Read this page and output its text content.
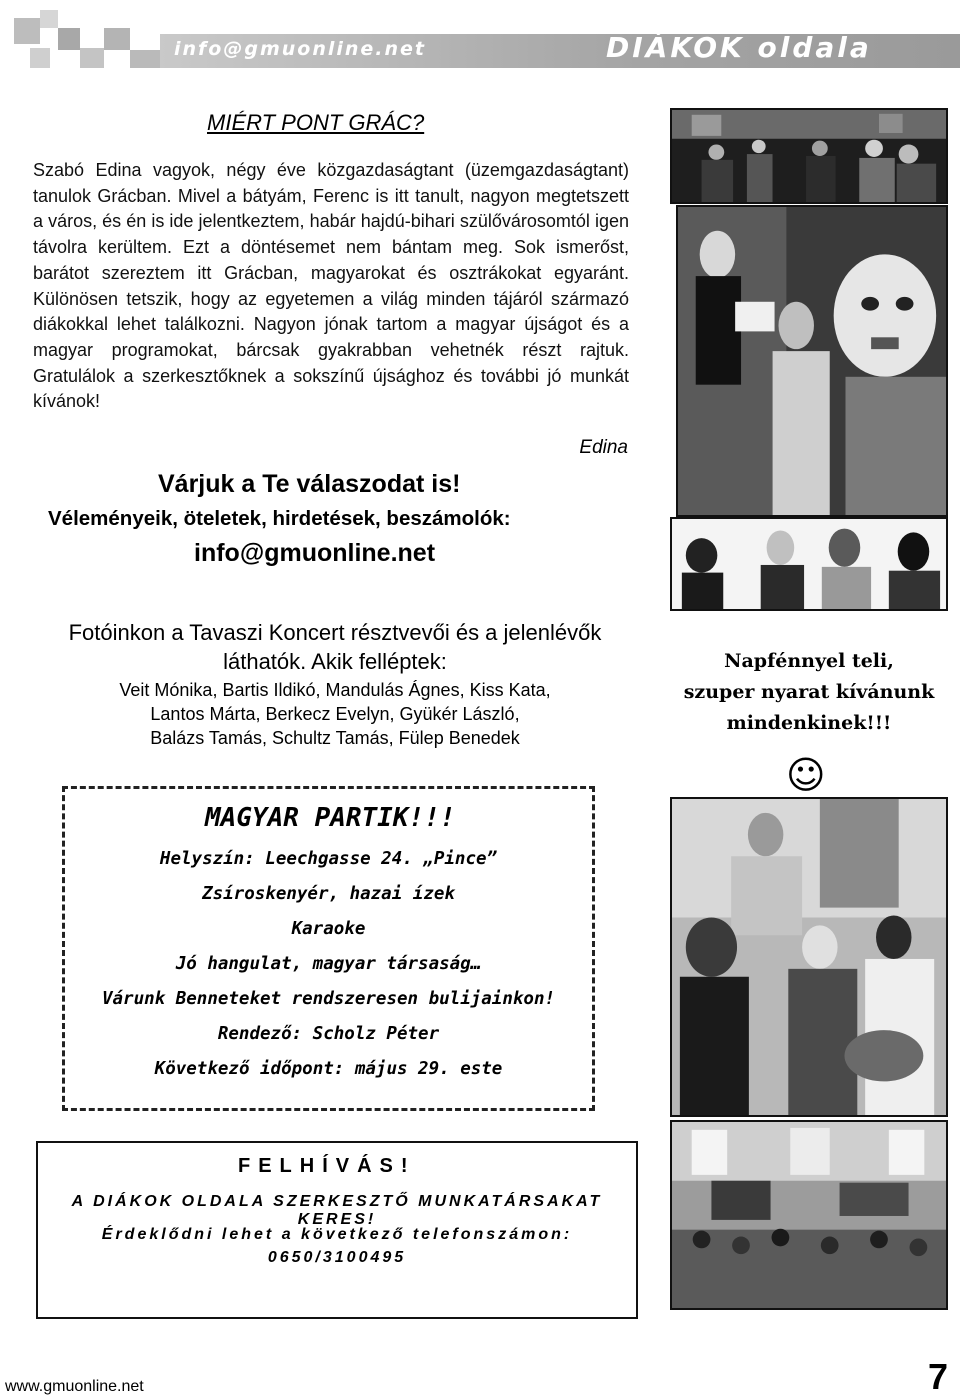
info@gmuonline.net	DIÁKOK oldala
MIÉRT PONT GRÁC?
Szabó Edina vagyok, négy éve közgazdaságtant (üzemgazdaságtant) tanulok Grácban. Mivel a bátyám, Ferenc is itt tanult, nagyon megtetszett a város, és én is ide jelentkeztem, habár hajdú-bihari szülővárosomtól igen távolra kerültem. Ezt a döntésemet nem bántam meg. Sok ismerőst, barátot szereztem itt Grácban, magyarokat és osztrákokat egyaránt. Különösen tetszik, hogy az egyetemen a világ minden tájáról származó diákokkal lehet találkozni. Nagyon jónak tartom a magyar újságot és a magyar programokat, bárcsak gyakrabban vehetnék részt rajtuk. Gratulálok a szerkesztőknek a sokszínű újsághoz és további jó munkát kívánok!
Edina
Várjuk a Te válaszodat is!
Véleményeik, öteletek, hirdetések, beszámolók:
info@gmuonline.net
Fotóinkon a Tavaszi Koncert résztvevői és a jelenlévők láthatók. Akik felléptek:
Veit Mónika, Bartis Ildikó, Mandulás Ágnes, Kiss Kata,
Lantos Márta, Berkecz Evelyn, Gyükér László,
Balázs Tamás, Schultz Tamás, Fülep Benedek
Napfénnyel teli,
szuper nyarat kívánunk
mindenkinek!!!
☺
MAGYAR PARTIK!!!
Helyszín: Leechgasse 24. „Pince”
Zsíroskenyér, hazai ízek
Karaoke
Jó hangulat, magyar társaság…
Várunk Benneteket rendszeresen bulijainkon!
Rendező: Scholz Péter
Következő időpont: május 29. este
FELHÍVÁS!
A DIÁKOK OLDALA SZERKESZTŐ MUNKATÁRSAKAT KERES!
Érdeklődni lehet a következő telefonszámon:
0650/3100495
www.gmuonline.net	7
